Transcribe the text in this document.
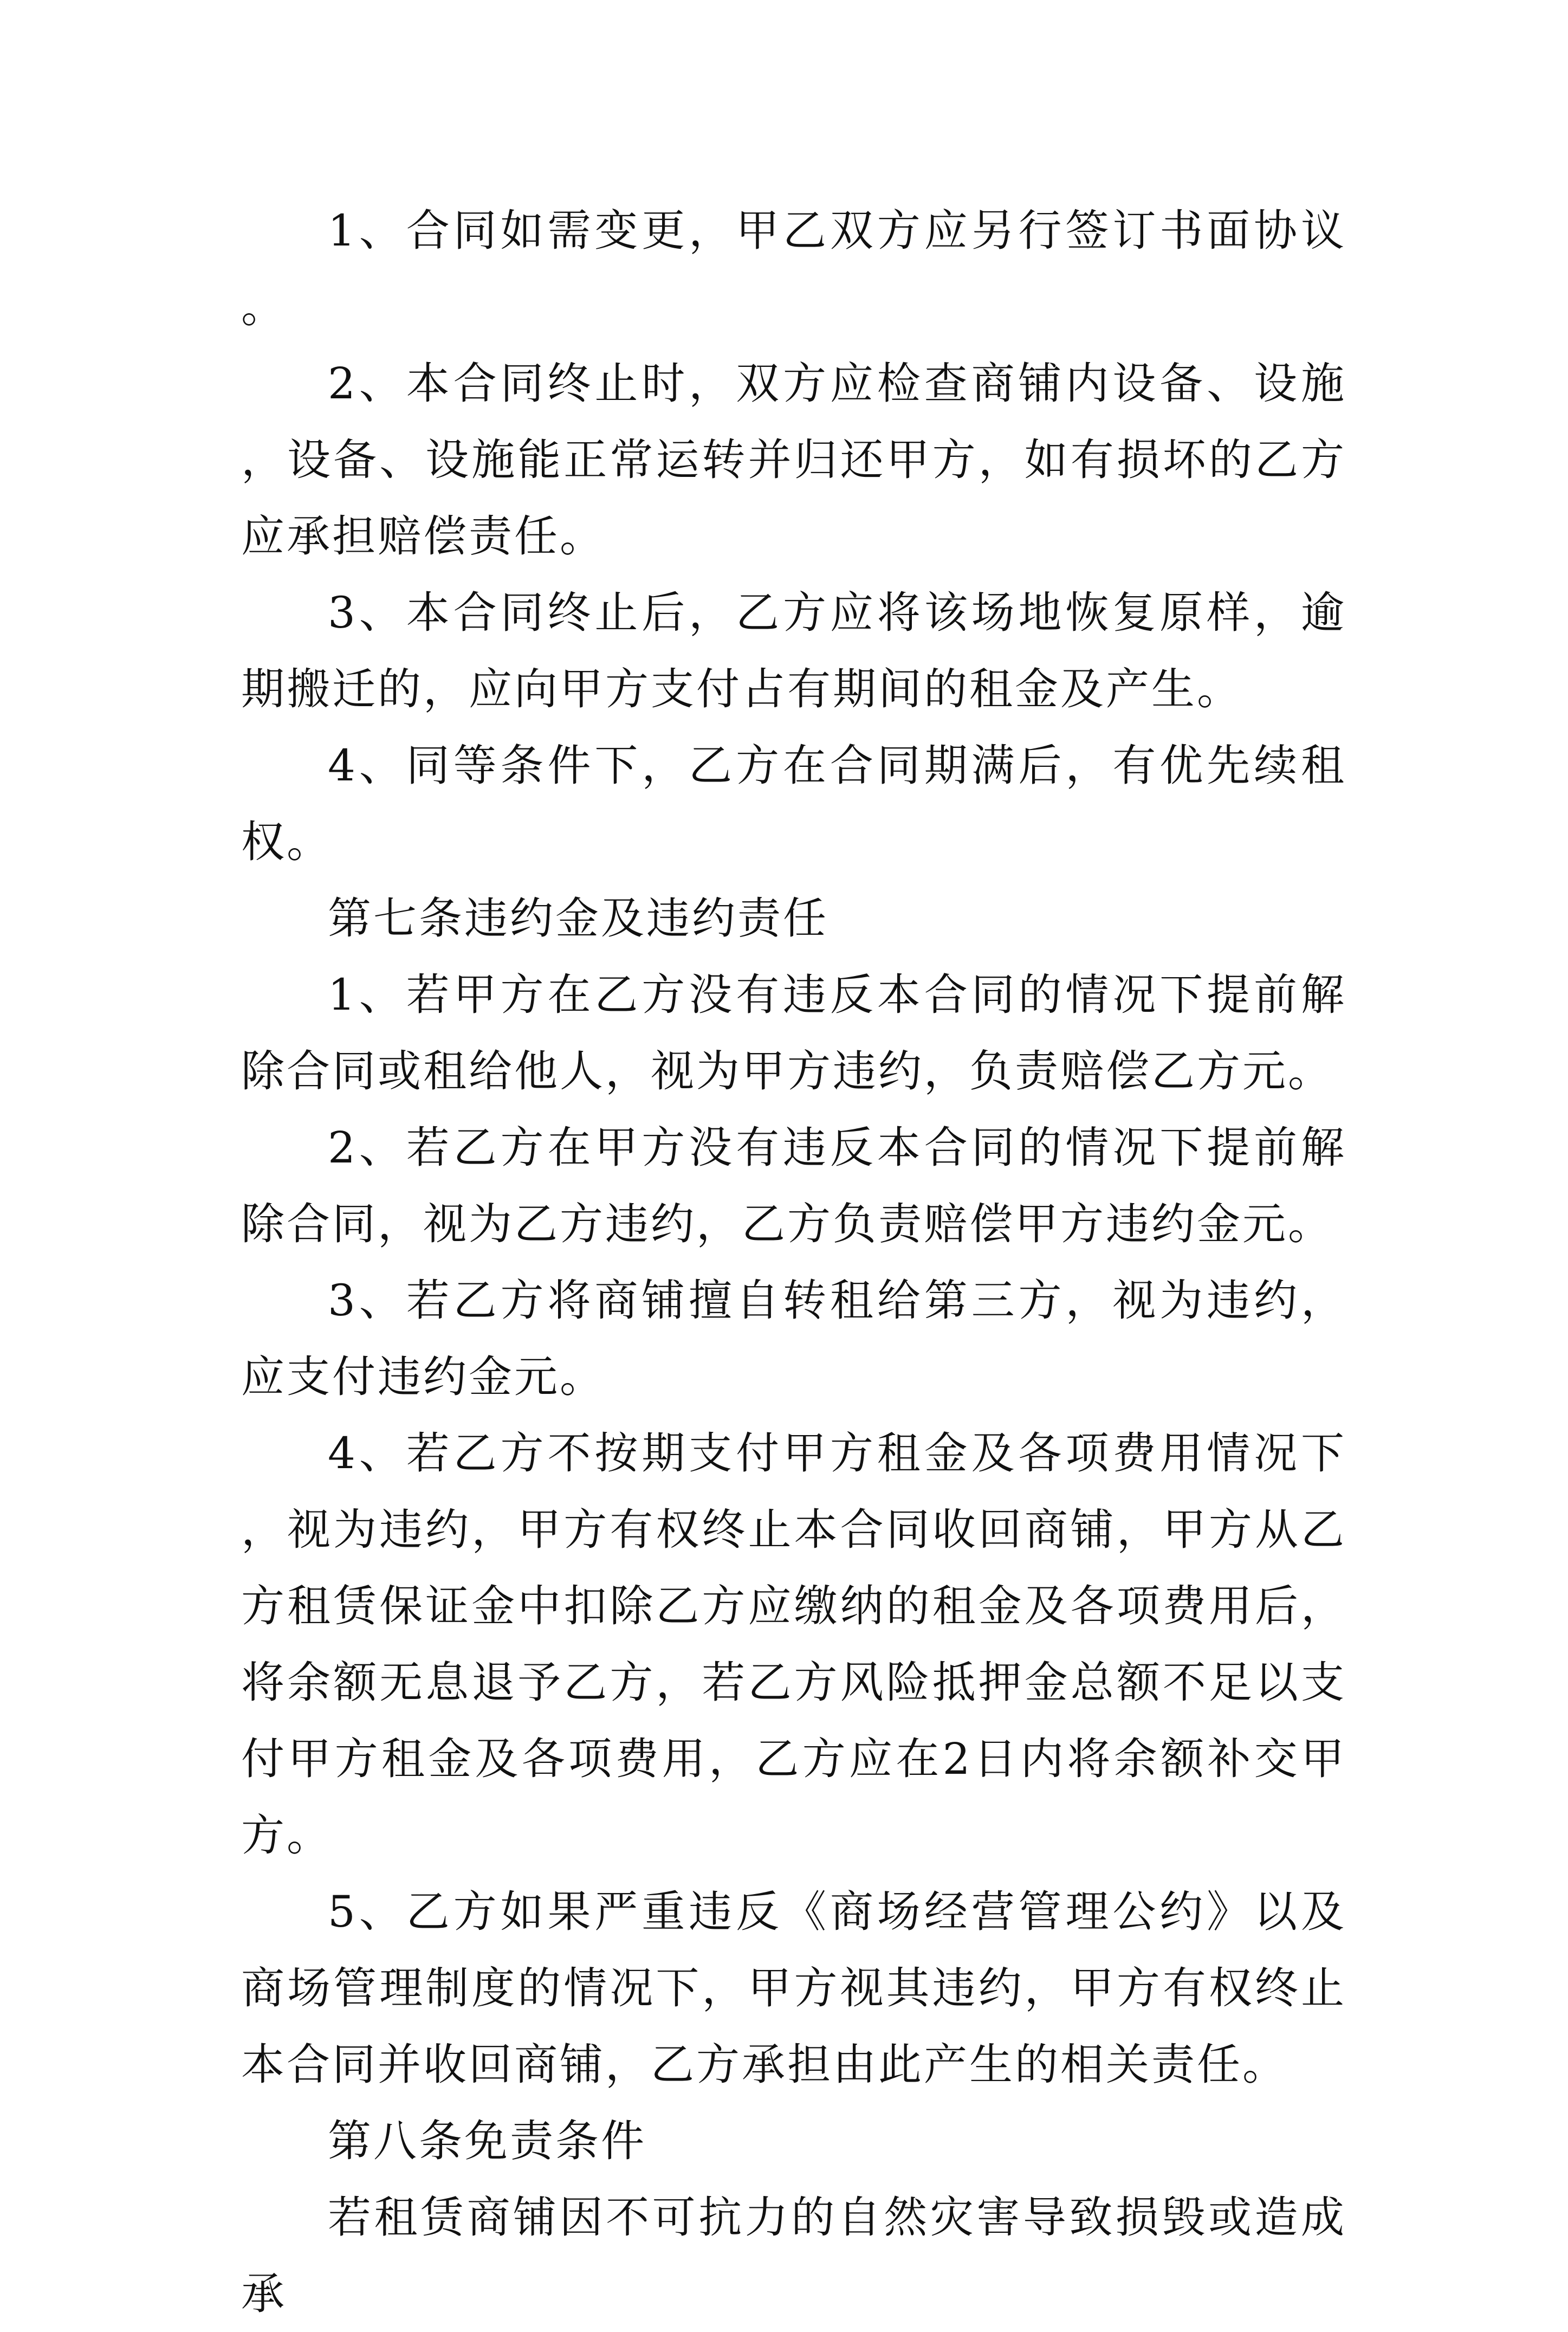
1、合同如需变更，甲乙双方应另行签订书面协议。

2、本合同终止时，双方应检查商铺内设备、设施，设备、设施能正常运转并归还甲方，如有损坏的乙方应承担赔偿责任。

3、本合同终止后，乙方应将该场地恢复原样，逾期搬迁的，应向甲方支付占有期间的租金及产生。

4、同等条件下，乙方在合同期满后，有优先续租权。

第七条违约金及违约责任

1、若甲方在乙方没有违反本合同的情况下提前解除合同或租给他人，视为甲方违约，负责赔偿乙方元。

2、若乙方在甲方没有违反本合同的情况下提前解除合同，视为乙方违约，乙方负责赔偿甲方违约金元。

3、若乙方将商铺擅自转租给第三方，视为违约，应支付违约金元。

4、若乙方不按期支付甲方租金及各项费用情况下，视为违约，甲方有权终止本合同收回商铺，甲方从乙方租赁保证金中扣除乙方应缴纳的租金及各项费用后，将余额无息退予乙方，若乙方风险抵押金总额不足以支付甲方租金及各项费用，乙方应在2日内将余额补交甲方。

5、乙方如果严重违反《商场经营管理公约》以及商场管理制度的情况下，甲方视其违约，甲方有权终止本合同并收回商铺，乙方承担由此产生的相关责任。

第八条免责条件

若租赁商铺因不可抗力的自然灾害导致损毁或造成承
